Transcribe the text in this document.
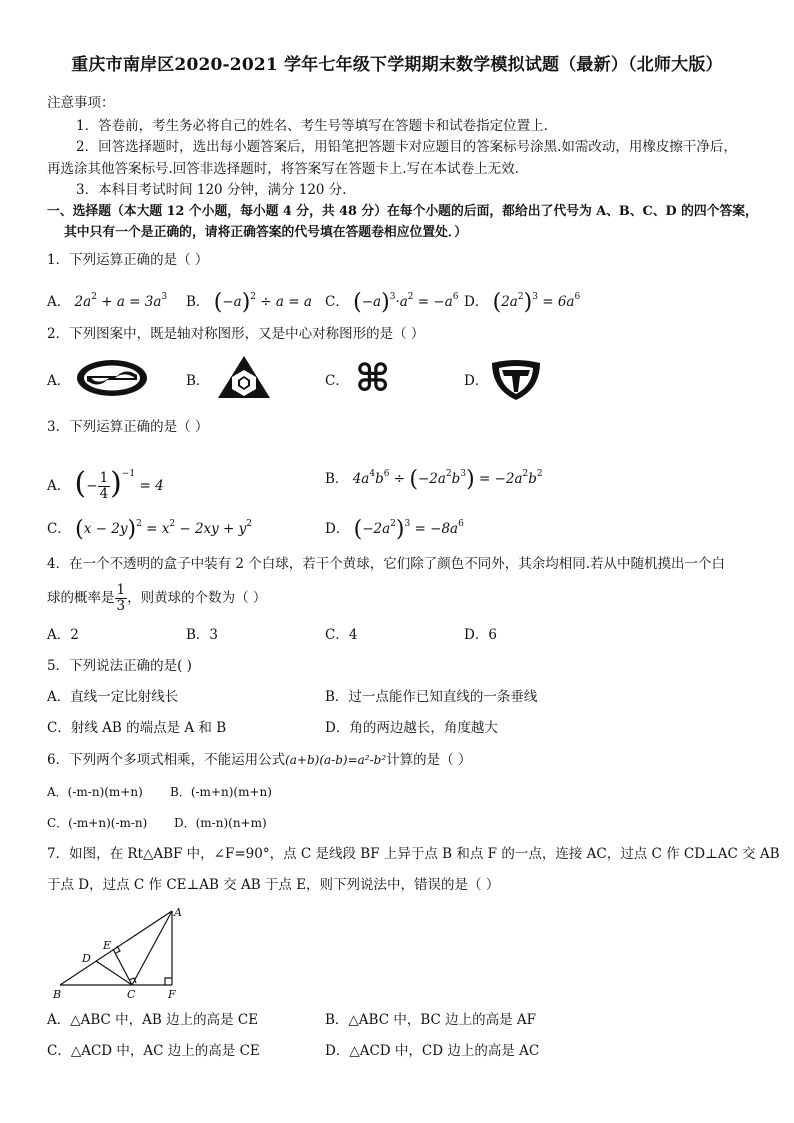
重庆市南岸区2020-2021 学年七年级下学期期末数学模拟试题（最新）（北师大版）
注意事项：
1．答卷前，考生务必将自己的姓名、考生号等填写在答题卡和试卷指定位置上.
2．回答选择题时，选出每小题答案后，用铅笔把答题卡对应题目的答案标号涂黑.如需改动，用橡皮擦干净后，
再选涂其他答案标号.回答非选择题时，将答案写在答题卡上.写在本试卷上无效.
3．本科目考试时间 120 分钟，满分 120 分.
一、选择题（本大题 12 个小题，每小题 4 分，共 48 分）在每个小题的后面，都给出了代号为 A、B、C、D 的四个答案，
其中只有一个是正确的，请将正确答案的代号填在答题卷相应位置处．）
1．下列运算正确的是（ ）
A． $2a^2 + a = 3a^3$ B． $(-a)^2 \div a = a$ C． $(-a)^3\cdot a^2 = -a^6$ D． $(2a^2)^3 = 6a^6$
2．下列图案中，既是轴对称图形，又是中心对称图形的是（ ）
A．	B．	C． ⌘	D．
3．下列运算正确的是（ ）
A． (− $\frac{1}{4} )^{-1} = 4$	B． $4a^4b^6 \div (-2a^2b^3) = -2a^2b^2$
C． $(x - 2y)^2 = x^2 - 2xy + y^2$	D． $(-2a^2)^3 = -8a^6$
4．在一个不透明的盒子中装有 2 个白球，若干个黄球，它们除了颜色不同外，其余均相同.若从中随机摸出一个白
球的概率是 $\frac{1}{3}$ ，则黄球的个数为（ ）
A．2	B．3	C．4	D．6
5．下列说法正确的是( )
A．直线一定比射线长	B．过一点能作已知直线的一条垂线
C．射线 AB 的端点是 A 和 B	D．角的两边越长，角度越大
6．下列两个多项式相乘，不能运用公式(a+b)(a-b)=a²-b²计算的是（ ）
A．(-m-n)(m+n) B．(-m+n)(m+n)
C．(-m+n)(-m-n) D．(m-n)(n+m)
7．如图，在 Rt△ABF 中，∠F=90°，点 C 是线段 BF 上异于点 B 和点 F 的一点，连接 AC，过点 C 作 CD⊥AC 交 AB
于点 D，过点 C 作 CE⊥AB 交 AB 于点 E，则下列说法中，错误的是（ ）
A
B	C
D
E
F
A．△ABC 中，AB 边上的高是 CE	B．△ABC 中，BC 边上的高是 AF
C．△ACD 中，AC 边上的高是 CE	D．△ACD 中，CD 边上的高是 AC
